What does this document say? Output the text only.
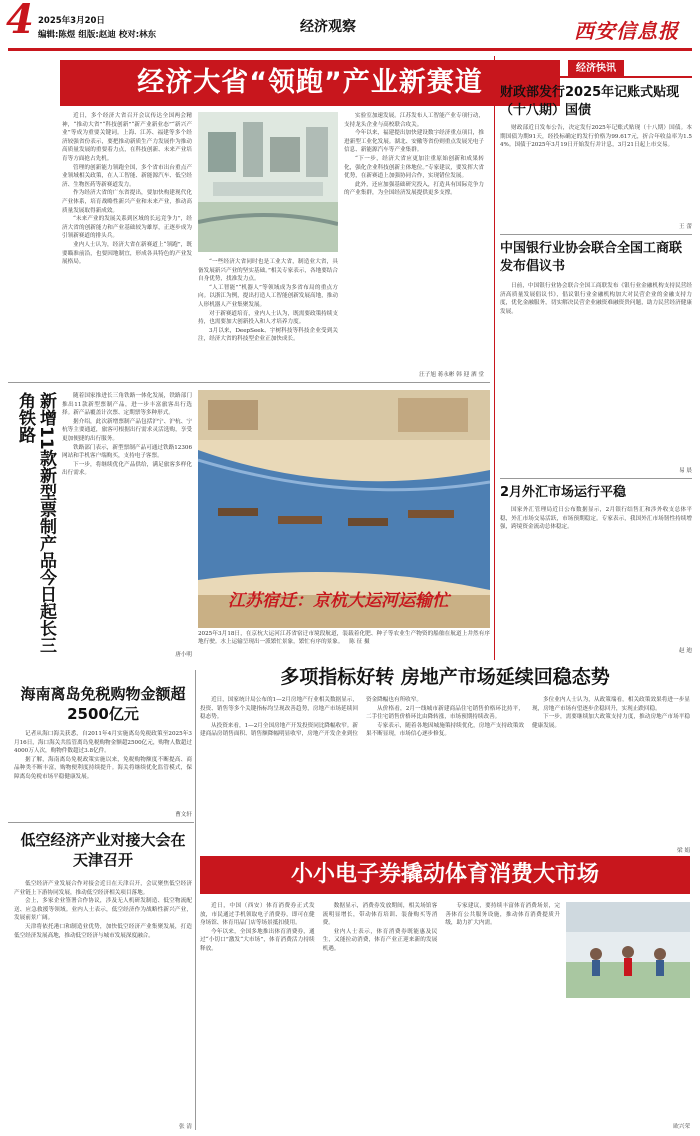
4 2025年3月20日
编辑:陈煜 组版:赵迪 校对:林东	经济观察	西安信息报
经济大省“领跑”产业新赛道

近日，多个经济大省召开会议传达全国两会精神，“推动大省”“科技创新”“新产业新业态”“新兴产业”等成为重要关键词。上海、江苏、福建等多个经济较强省份表示，要把推动新质生产力发展作为推动高质量发展的重要着力点，在科技创新、未来产业培育等方面抢占先机。

管理的创新能力领跑全国，多个省市出台重点产业领域相关政策，在人工智能、新能源汽车、低空经济、生物医药等新赛道发力。

作为经济大省的广东省提出，要加快构建现代化产业体系，培育战略性新兴产业和未来产业，推动高质量发展取得新成效。

“未来产业的发展关系到区域的长远竞争力”，经济大省的创新能力和产业基础较为雄厚，正逐步成为引领新赛道的排头兵。

业内人士认为，经济大省在新赛道上“领跑”，既要瞄准前沿，也要因地制宜，形成各具特色的产业发展格局。	“一些经济大省同时也是工业大省，制造业大省，具备发展新兴产业的坚实基础。”相关专家表示，各地要结合自身优势，找准发力点。

“人工智能”“机器人”等领域成为多省布局的重点方向。以浙江为例，提出打造人工智能创新发展高地，推动人形机器人产业集聚发展。

对于新赛道培育，业内人士认为，既需要政策持续支持，也需要加大创新投入和人才培养力度。

3月以来，DeepSeek、宇树科技等科技企业受到关注，经济大省的科技型企业正加快成长。

实验室加速发展。江苏发布人工智能产业专项行动，支持龙头企业与高校联合攻关。

今年以来，福建提出加快建设数字经济重点项目，推进新型工业化发展。湖北、安徽等省份则重点发展光电子信息、新能源汽车等产业集群。

“下一步，经济大省应更加注重原始创新和成果转化，强化企业科技创新主体地位。”专家建议，要发挥大省优势，在新赛道上加强协同合作，实现错位发展。

此外，还应加强基础研究投入，打造具有国际竞争力的产业集群，为全国经济发展提供更多支撑。

汪子旭 蒋永彬 韩 迎 洒 堂
新增11款新型票制产品今日起长三角铁路	随着国家推进长三角铁路一体化发展，铁路部门推出11款新型票制产品，进一步丰富旅客出行选择。新产品覆盖计次票、定期票等多种形式。

据介绍，此次新增票制产品包括沪宁、沪杭、宁杭等主要通道，旅客可根据出行需求灵活选购，享受更加便捷的出行服务。

铁路部门表示，新型票制产品可通过铁路12306网站和手机客户端购买，支持电子客票。

下一步，将继续优化产品供给，满足旅客多样化出行需求。

唐小明
江苏宿迁：京杭大运河运输忙
2025年3月18日，在京杭大运河江苏省宿迁市境段航道，装载着化肥、种子等农业生产物资的船舶在航道上井然有序地行驶。水上运输呈现出一派繁忙景象，繁忙有序的景象。 陈 征 摄
海南离岛免税购物金额超2500亿元

记者从海口海关获悉，自2011年4月实施离岛免税政策至2025年3月16日，海口海关共监管离岛免税购物金额超2500亿元，购物人数超过4000万人次，购物件数超过3.8亿件。

据了解，海南离岛免税政策实施以来，免税购物额度不断提高、商品种类不断丰富，购物便利度持续提升。海关将继续优化监管模式，保障离岛免税市场平稳健康发展。

曹文轩
低空经济产业对接大会在天津召开

低空经济产业发展合作对接会近日在天津召开，会议聚焦低空经济产业链上下游协同发展，推动低空经济相关项目落地。

会上，多家企业签署合作协议，涉及无人机研发制造、低空物流配送、应急救援等领域。业内人士表示，低空经济作为战略性新兴产业，发展前景广阔。

天津将依托港口和制造业优势，加快低空经济产业集聚发展，打造低空经济发展高地，推动低空经济与城市发展深度融合。

张 清
多项指标好转 房地产市场延续回稳态势

近日，国家统计局公布的1—2月房地产行业相关数据显示，投资、销售等多个关键指标均呈现改善趋势，房地产市场延续回稳态势。

从投资来看，1—2月全国房地产开发投资同比降幅收窄。新建商品房销售面积、销售额降幅明显收窄，房地产开发企业到位资金降幅也有所收窄。

从价格看，2月一线城市新建商品住宅销售价格环比持平，二手住宅销售价格环比由降转涨，市场预期持续改善。

专家表示，随着各地因城施策持续优化，房地产支持政策效果不断显现，市场信心逐步修复。

多位业内人士认为，从政策端看，相关政策效果将进一步显现，房地产市场有望逐步企稳回升，实现止跌回稳。

下一步，需要继续加大政策支持力度，推动房地产市场平稳健康发展。

梁 娟
小小电子券撬动体育消费大市场

近日，中国（西安）体育消费券正式发放，市民通过手机领取电子消费券，即可在健身场馆、体育用品门店等场景抵扣使用。

今年以来，全国多地推出体育消费券，通过“小切口”激发“大市场”，体育消费活力持续释放。

数据显示，消费券发放期间，相关场馆客流明显增长，带动体育培训、装备购买等消费。

业内人士表示，体育消费券既能惠及民生，又能拉动消费，体育产业正迎来新的发展机遇。

专家建议，要持续丰富体育消费场景，完善体育公共服务设施，推动体育消费提质升级，助力扩大内需。

欧兴荣
经济快讯
财政部发行2025年记账式贴现（十八期）国债
财政部近日发布公告，决定发行2025年记账式贴现（十八期）国债。本期国债为期91天，经投标确定的发行价格为99.617元，折合年收益率为1.54%。国债于2025年3月19日开始发行并计息，3月21日起上市交易。
王 蕾
中国银行业协会联合全国工商联发布倡议书
日前，中国银行业协会联合全国工商联发布《银行业金融机构支持民营经济高质量发展倡议书》，倡议银行业金融机构加大对民营企业的金融支持力度，优化金融服务，切实解决民营企业融资难融资贵问题，助力民营经济健康发展。
易 晨
2月外汇市场运行平稳
国家外汇管理局近日公布数据显示，2月银行结售汇和涉外收支总体平稳，外汇市场交易活跃，市场预期稳定。专家表示，我国外汇市场韧性持续增强，跨境资金流动总体稳定。
赵 迪
